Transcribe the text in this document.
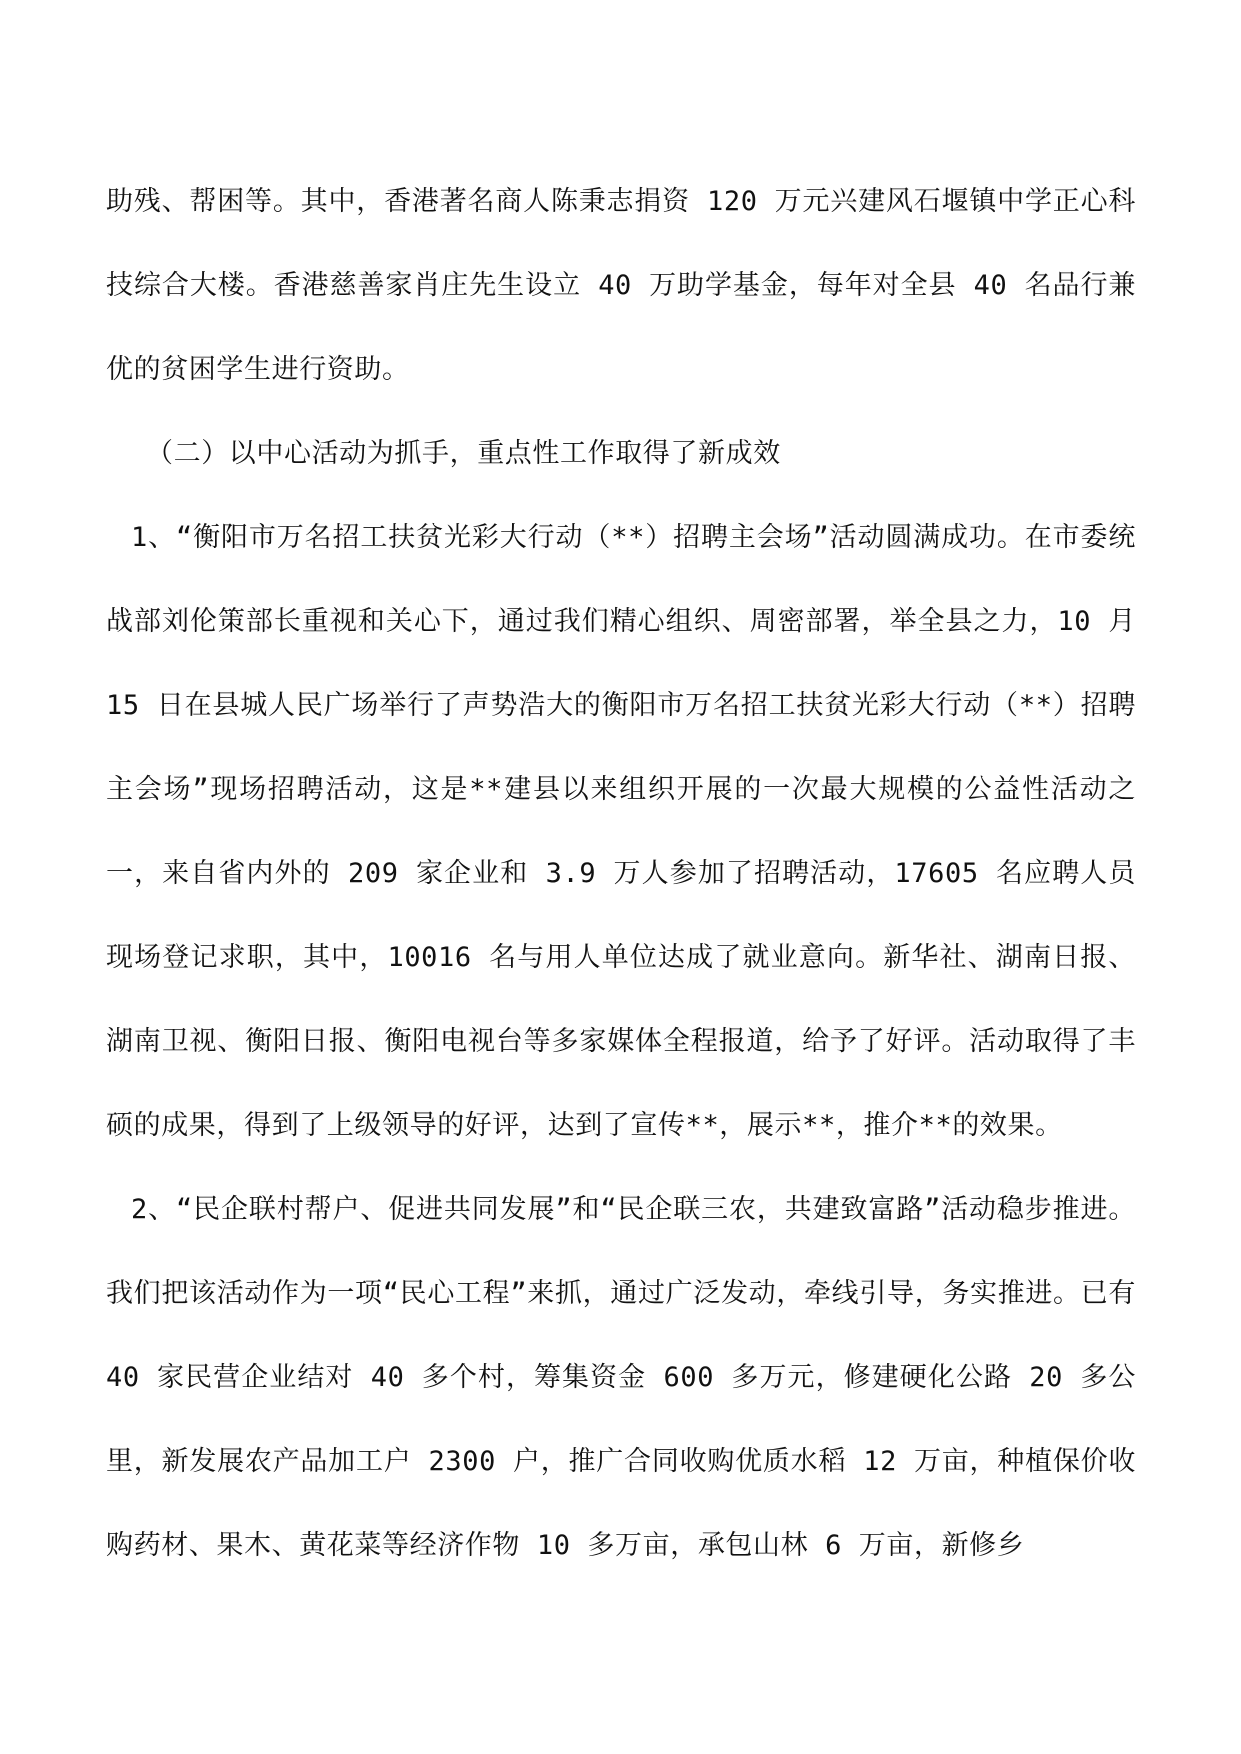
助残、帮困等。其中，香港著名商人陈秉志捐资 120 万元兴建风石堰镇中学正心科技综合大楼。香港慈善家肖庄先生设立 40 万助学基金，每年对全县 40 名品行兼优的贫困学生进行资助。

（二）以中心活动为抓手，重点性工作取得了新成效

1、“衡阳市万名招工扶贫光彩大行动（**）招聘主会场”活动圆满成功。在市委统战部刘伦策部长重视和关心下，通过我们精心组织、周密部署，举全县之力，10 月 15 日在县城人民广场举行了声势浩大的衡阳市万名招工扶贫光彩大行动（**）招聘主会场”现场招聘活动，这是**建县以来组织开展的一次最大规模的公益性活动之一，来自省内外的 209 家企业和 3.9 万人参加了招聘活动，17605 名应聘人员现场登记求职，其中，10016 名与用人单位达成了就业意向。新华社、湖南日报、湖南卫视、衡阳日报、衡阳电视台等多家媒体全程报道，给予了好评。活动取得了丰硕的成果，得到了上级领导的好评，达到了宣传**，展示**，推介**的效果。

2、“民企联村帮户、促进共同发展”和“民企联三农，共建致富路”活动稳步推进。我们把该活动作为一项“民心工程”来抓，通过广泛发动，牵线引导，务实推进。已有 40 家民营企业结对 40 多个村，筹集资金 600 多万元，修建硬化公路 20 多公里，新发展农产品加工户 2300 户，推广合同收购优质水稻 12 万亩，种植保价收购药材、果木、黄花菜等经济作物 10 多万亩，承包山林 6 万亩，新修乡
